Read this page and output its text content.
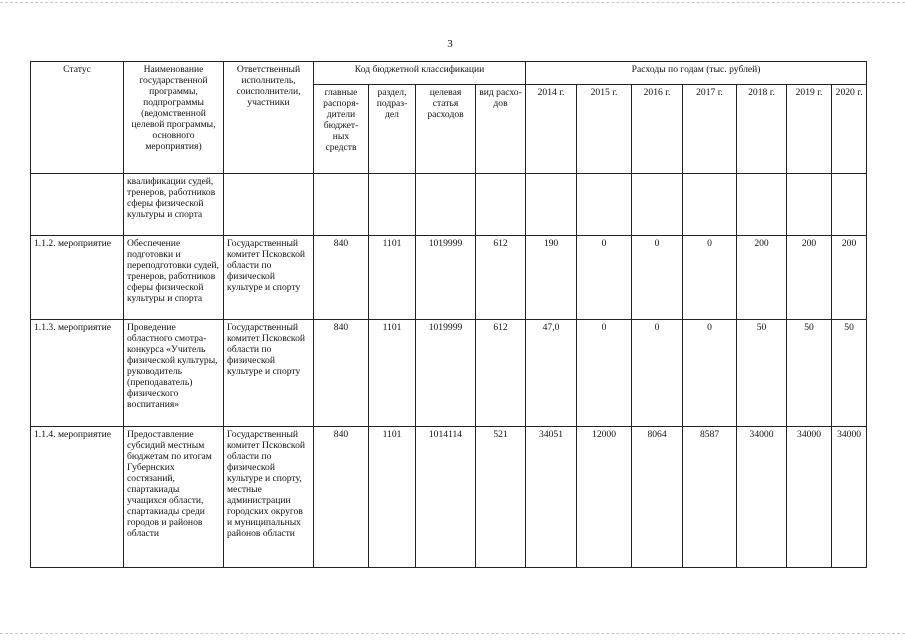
3
Статус	Наименование государственной программы, подпрограммы (ведомственной целевой программы, основного мероприятия)	Ответственный исполнитель, соисполнители, участники	Код бюджетной классификации				Расходы по годам (тыс. рублей)						
			главные распоря-дители бюджет-ных средств	раздел, подраз-дел	целевая статья расходов	вид расхо-дов	2014 г.	2015 г.	2016 г.	2017 г.	2018 г.	2019 г.	2020 г.
	квалификации судей, тренеров, работников сферы физической культуры и спорта												
1.1.2. мероприятие	Обеспечение подготовки и переподготовки судей, тренеров, работников сферы физической культуры и спорта	Государственный комитет Псковской области по физической культуре и спорту	840	1101	1019999	612	190	0	0	0	200	200	200
1.1.3. мероприятие	Проведение областного смотра-конкурса «Учитель физической культуры, руководитель (преподаватель) физического воспитания»	Государственный комитет Псковской области по физической культуре и спорту	840	1101	1019999	612	47,0	0	0	0	50	50	50
1.1.4. мероприятие	Предоставление субсидий местным бюджетам по итогам Губернских состязаний, спартакиады учащихся области, спартакиады среди городов и районов области	Государственный комитет Псковской области по физической культуре и спорту, местные администрации городских округов и муниципальных районов области	840	1101	1014114	521	34051	12000	8064	8587	34000	34000	34000
